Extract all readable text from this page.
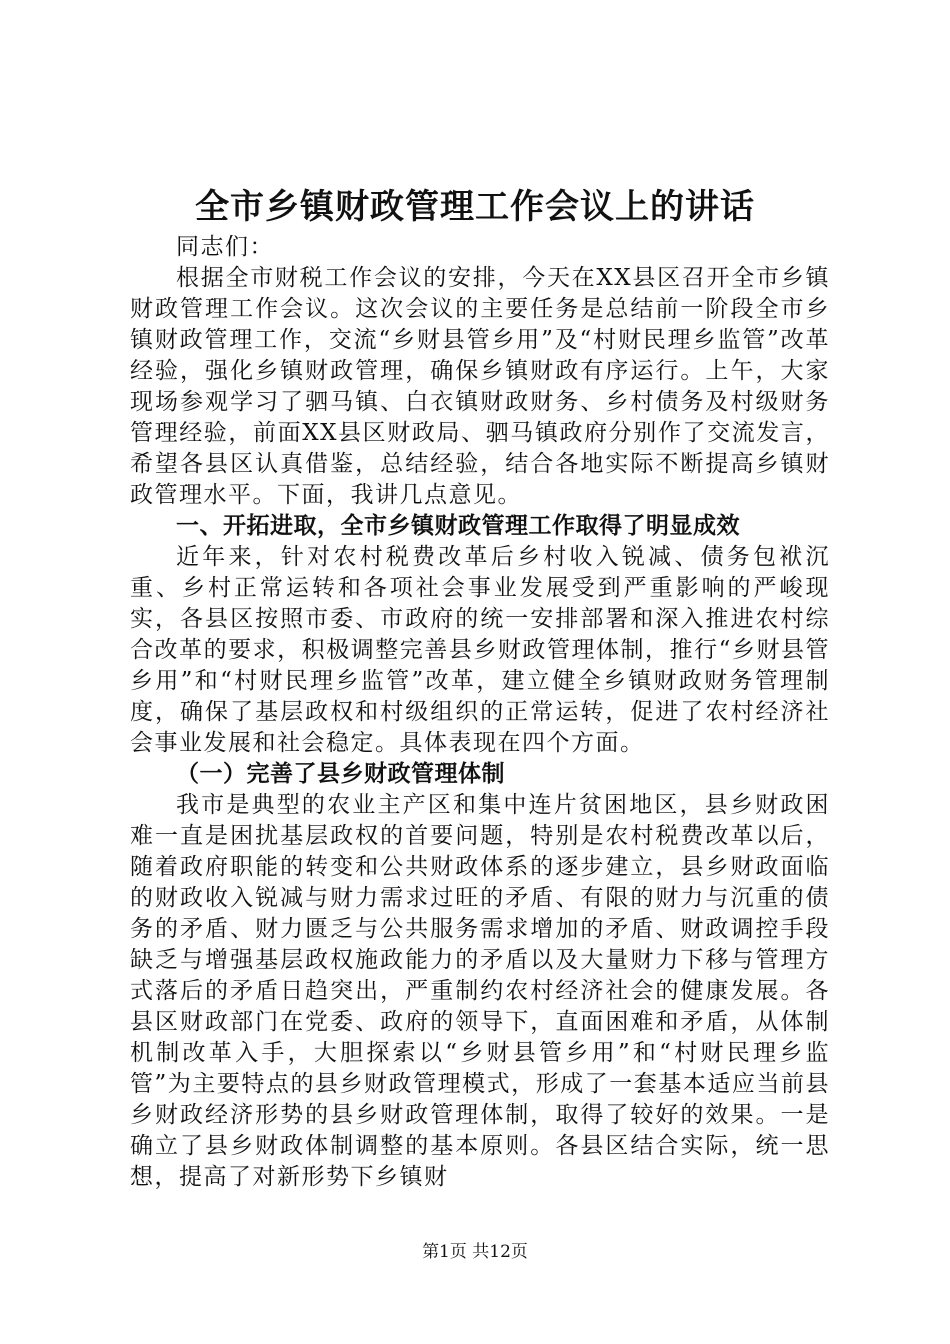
全市乡镇财政管理工作会议上的讲话

同志们：

根据全市财税工作会议的安排，今天在XX县区召开全市乡镇财政管理工作会议。这次会议的主要任务是总结前一阶段全市乡镇财政管理工作，交流“乡财县管乡用”及“村财民理乡监管”改革经验，强化乡镇财政管理，确保乡镇财政有序运行。上午，大家现场参观学习了驷马镇、白衣镇财政财务、乡村债务及村级财务管理经验，前面XX县区财政局、驷马镇政府分别作了交流发言，希望各县区认真借鉴，总结经验，结合各地实际不断提高乡镇财政管理水平。下面，我讲几点意见。

一、开拓进取，全市乡镇财政管理工作取得了明显成效

近年来，针对农村税费改革后乡村收入锐减、债务包袱沉重、乡村正常运转和各项社会事业发展受到严重影响的严峻现实，各县区按照市委、市政府的统一安排部署和深入推进农村综合改革的要求，积极调整完善县乡财政管理体制，推行“乡财县管乡用”和“村财民理乡监管”改革，建立健全乡镇财政财务管理制度，确保了基层政权和村级组织的正常运转，促进了农村经济社会事业发展和社会稳定。具体表现在四个方面。

（一）完善了县乡财政管理体制

我市是典型的农业主产区和集中连片贫困地区，县乡财政困难一直是困扰基层政权的首要问题，特别是农村税费改革以后，随着政府职能的转变和公共财政体系的逐步建立，县乡财政面临的财政收入锐减与财力需求过旺的矛盾、有限的财力与沉重的债务的矛盾、财力匮乏与公共服务需求增加的矛盾、财政调控手段缺乏与增强基层政权施政能力的矛盾以及大量财力下移与管理方式落后的矛盾日趋突出，严重制约农村经济社会的健康发展。各县区财政部门在党委、政府的领导下，直面困难和矛盾，从体制机制改革入手，大胆探索以“乡财县管乡用”和“村财民理乡监管”为主要特点的县乡财政管理模式，形成了一套基本适应当前县乡财政经济形势的县乡财政管理体制，取得了较好的效果。一是确立了县乡财政体制调整的基本原则。各县区结合实际，统一思想，提高了对新形势下乡镇财

第1页 共12页
